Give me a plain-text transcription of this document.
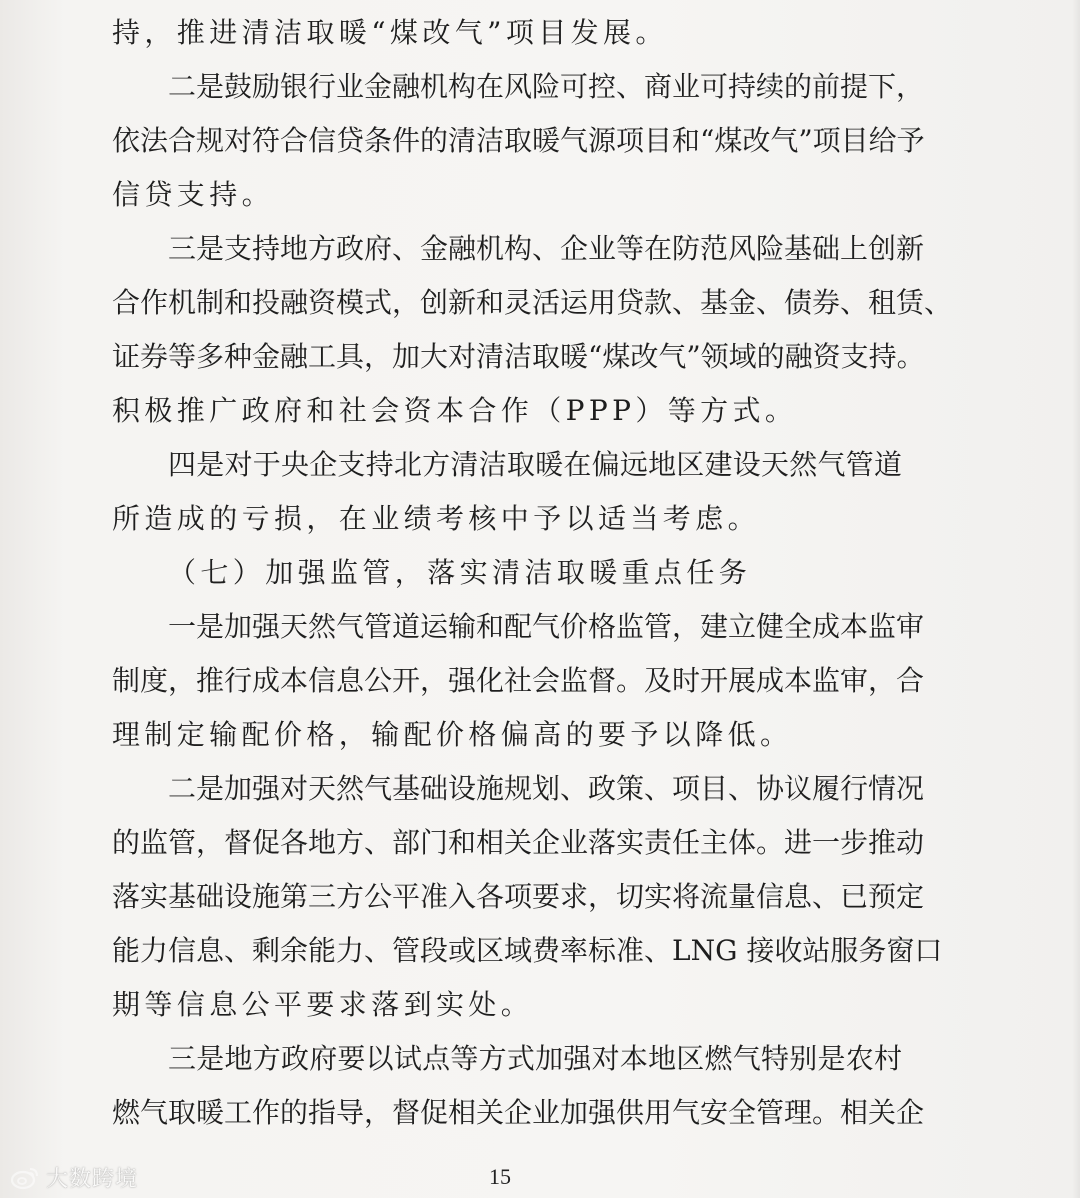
持，推进清洁取暖“煤改气”项目发展。
二是鼓励银行业金融机构在风险可控、商业可持续的前提下，
依法合规对符合信贷条件的清洁取暖气源项目和“煤改气”项目给予
信贷支持。
三是支持地方政府、金融机构、企业等在防范风险基础上创新
合作机制和投融资模式，创新和灵活运用贷款、基金、债券、租赁、
证券等多种金融工具，加大对清洁取暖“煤改气”领域的融资支持。
积极推广政府和社会资本合作（PPP）等方式。
四是对于央企支持北方清洁取暖在偏远地区建设天然气管道
所造成的亏损，在业绩考核中予以适当考虑。
（七）加强监管，落实清洁取暖重点任务
一是加强天然气管道运输和配气价格监管，建立健全成本监审
制度，推行成本信息公开，强化社会监督。及时开展成本监审，合
理制定输配价格，输配价格偏高的要予以降低。
二是加强对天然气基础设施规划、政策、项目、协议履行情况
的监管，督促各地方、部门和相关企业落实责任主体。进一步推动
落实基础设施第三方公平准入各项要求，切实将流量信息、已预定
能力信息、剩余能力、管段或区域费率标准、LNG 接收站服务窗口
期等信息公平要求落到实处。
三是地方政府要以试点等方式加强对本地区燃气特别是农村
燃气取暖工作的指导，督促相关企业加强供用气安全管理。相关企
15
大数跨境
